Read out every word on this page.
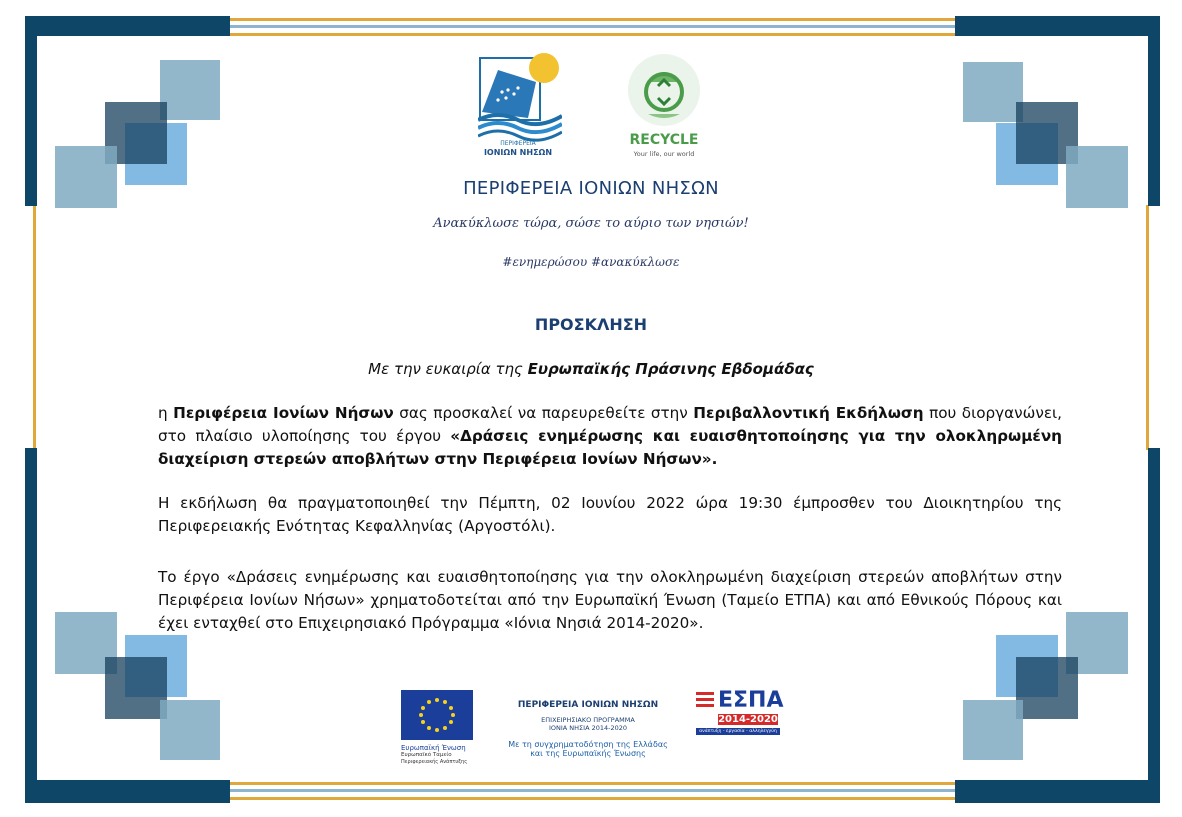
ΠΕΡΙΦΕΡΕΙΑ
ΙΟΝΙΩΝ ΝΗΣΩΝ
RECYCLE
Your life, our world
ΠΕΡΙΦΕΡΕΙΑ ΙΟΝΙΩΝ ΝΗΣΩΝ
Ανακύκλωσε τώρα, σώσε το αύριο των νησιών!
#ενημερώσου #ανακύκλωσε
ΠΡΟΣΚΛΗΣΗ
Με την ευκαιρία της Ευρωπαϊκής Πράσινης Εβδομάδας
η Περιφέρεια Ιονίων Νήσων σας προσκαλεί να παρευρεθείτε στην Περιβαλλοντική Εκδήλωση που διοργανώνει, στο πλαίσιο υλοποίησης του έργου «Δράσεις ενημέρωσης και ευαισθητοποίησης για την ολοκληρωμένη διαχείριση στερεών αποβλήτων στην Περιφέρεια Ιονίων Νήσων».
Η εκδήλωση θα πραγματοποιηθεί την Πέμπτη, 02 Ιουνίου 2022 ώρα 19:30 έμπροσθεν του Διοικητηρίου της Περιφερειακής Ενότητας Κεφαλληνίας (Αργοστόλι).
Το έργο «Δράσεις ενημέρωσης και ευαισθητοποίησης για την ολοκληρωμένη διαχείριση στερεών αποβλήτων στην Περιφέρεια Ιονίων Νήσων» χρηματοδοτείται από την Ευρωπαϊκή Ένωση (Ταμείο ΕΤΠΑ) και από Εθνικούς Πόρους και έχει ενταχθεί στο Επιχειρησιακό Πρόγραμμα «Ιόνια Νησιά 2014-2020».
Ευρωπαϊκή Ένωση
Ευρωπαϊκό Ταμείο
Περιφερειακής Ανάπτυξης
ΠΕΡΙΦΕΡΕΙΑ ΙΟΝΙΩΝ ΝΗΣΩΝ
ΕΠΙΧΕΙΡΗΣΙΑΚΟ ΠΡΟΓΡΑΜΜΑ
ΙΟΝΙΑ ΝΗΣΙΑ 2014-2020
Με τη συγχρηματοδότηση της Ελλάδας
και της Ευρωπαϊκής Ένωσης
ΕΣΠΑ
2014-2020
ανάπτυξη - εργασία - αλληλεγγύη
